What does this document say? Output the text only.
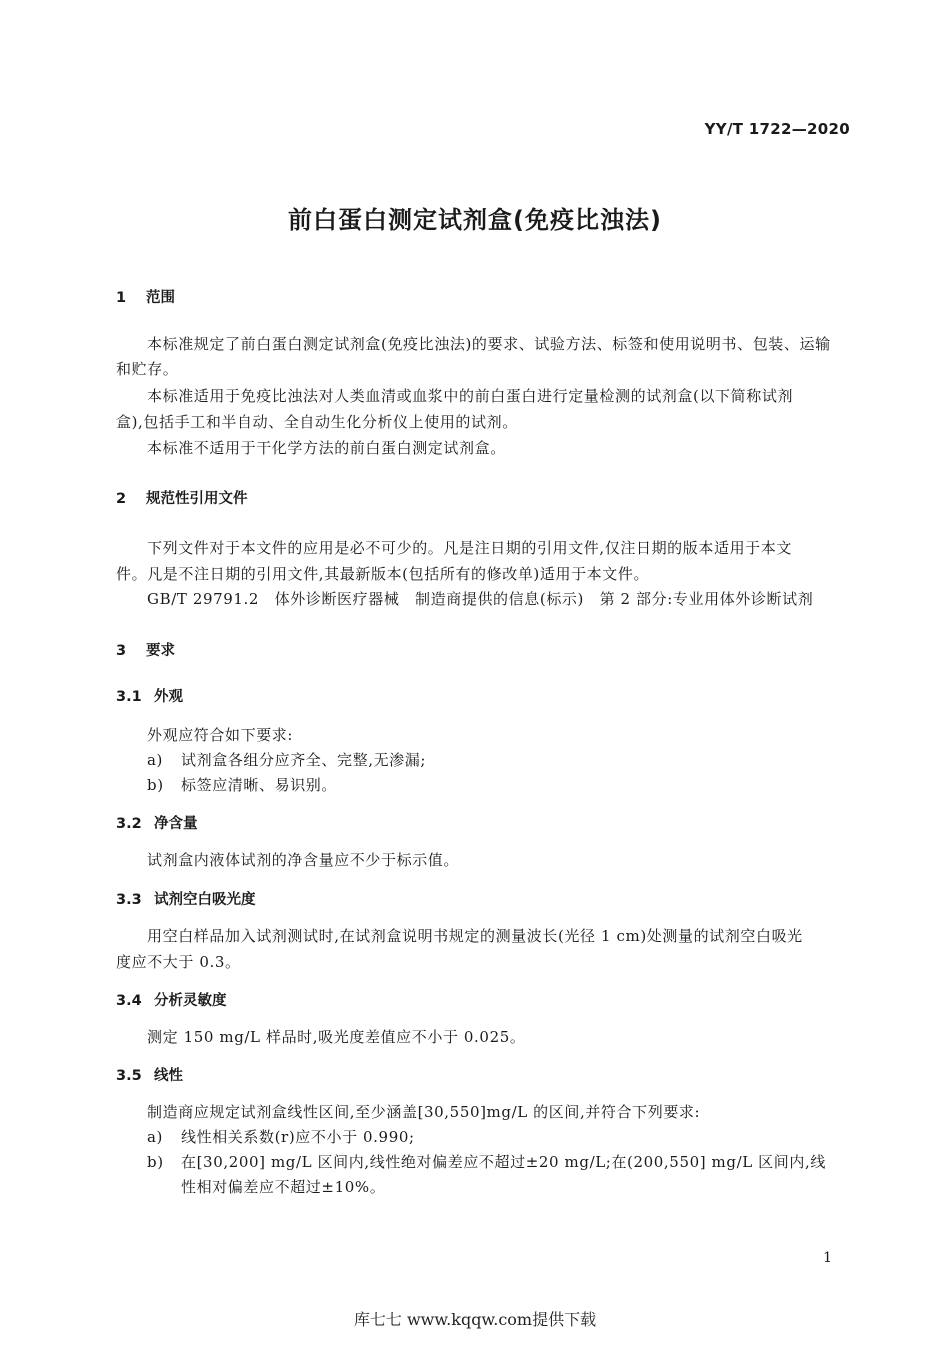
YY/T 1722—2020
前白蛋白测定试剂盒(免疫比浊法)
1 范围
本标准规定了前白蛋白测定试剂盒(免疫比浊法)的要求、试验方法、标签和使用说明书、包装、运输
和贮存。
本标准适用于免疫比浊法对人类血清或血浆中的前白蛋白进行定量检测的试剂盒(以下简称试剂
盒),包括手工和半自动、全自动生化分析仪上使用的试剂。
本标准不适用于干化学方法的前白蛋白测定试剂盒。
2 规范性引用文件
下列文件对于本文件的应用是必不可少的。凡是注日期的引用文件,仅注日期的版本适用于本文
件。凡是不注日期的引用文件,其最新版本(包括所有的修改单)适用于本文件。
GB/T 29791.2　体外诊断医疗器械　制造商提供的信息(标示)　第 2 部分:专业用体外诊断试剂
3 要求
3.1 外观
外观应符合如下要求:
a) 试剂盒各组分应齐全、完整,无渗漏;
b) 标签应清晰、易识别。
3.2 净含量
试剂盒内液体试剂的净含量应不少于标示值。
3.3 试剂空白吸光度
用空白样品加入试剂测试时,在试剂盒说明书规定的测量波长(光径 1 cm)处测量的试剂空白吸光
度应不大于 0.3。
3.4 分析灵敏度
测定 150 mg/L 样品时,吸光度差值应不小于 0.025。
3.5 线性
制造商应规定试剂盒线性区间,至少涵盖[30,550]mg/L 的区间,并符合下列要求:
a) 线性相关系数(r)应不小于 0.990;
b) 在[30,200] mg/L 区间内,线性绝对偏差应不超过±20 mg/L;在(200,550] mg/L 区间内,线
性相对偏差应不超过±10%。
1
库七七 www.kqqw.com提供下载
